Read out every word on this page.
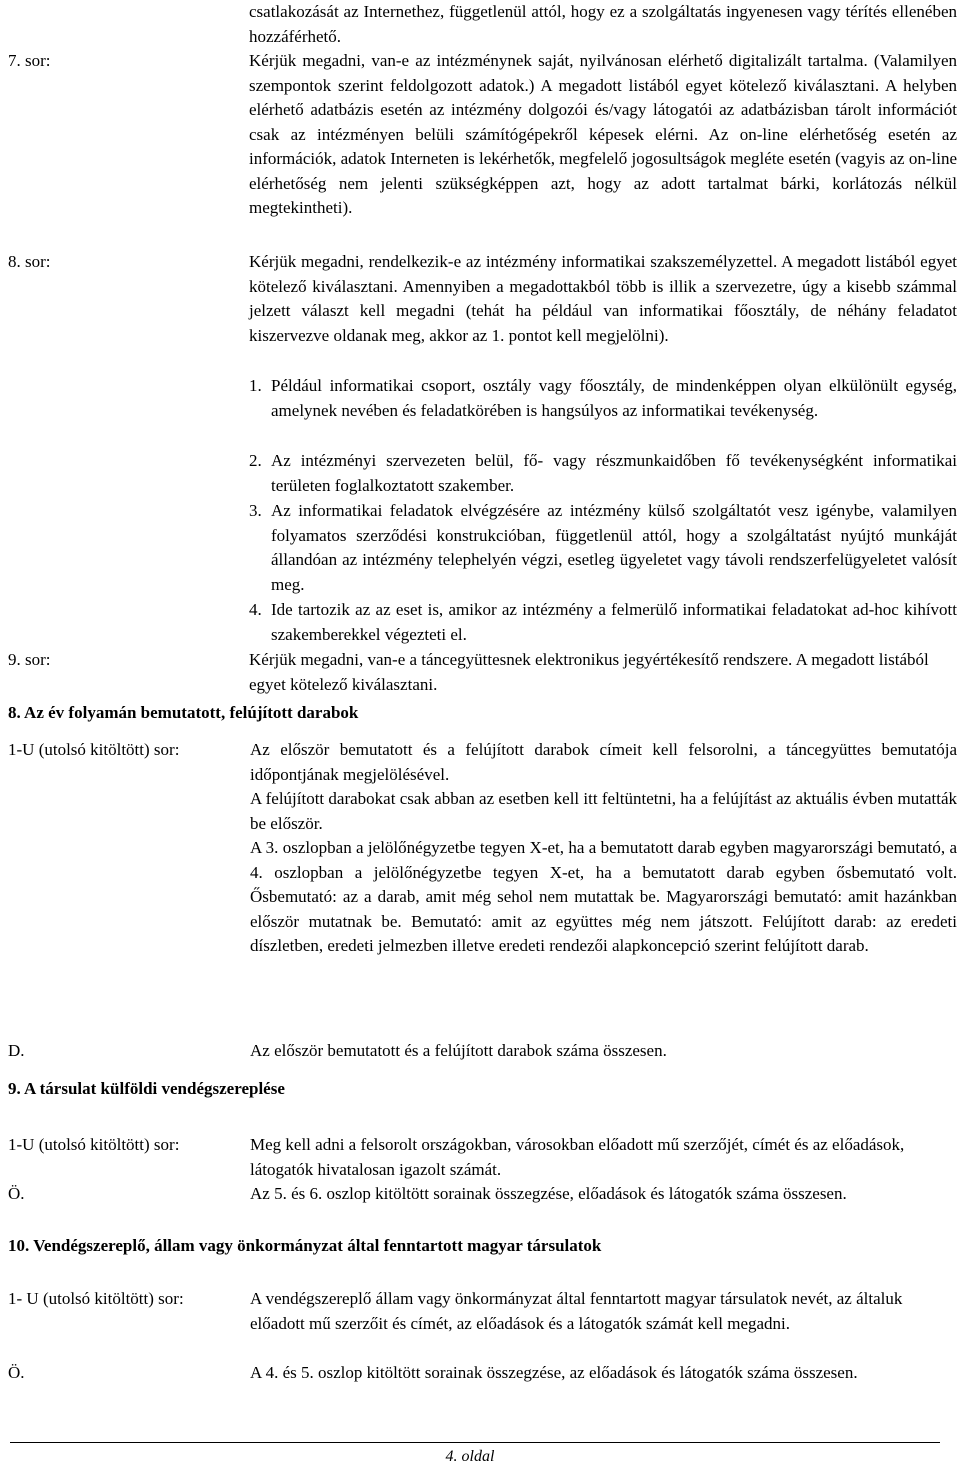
csatlakozását az Internethez, függetlenül attól, hogy ez a szolgáltatás ingyenesen vagy térítés ellenében hozzáférhető.
7. sor:	Kérjük megadni, van-e az intézménynek saját, nyilvánosan elérhető digitalizált tartalma. (Valamilyen szempontok szerint feldolgozott adatok.) A megadott listából egyet kötelező kiválasztani. A helyben elérhető adatbázis esetén az intézmény dolgozói és/vagy látogatói az adatbázisban tárolt információt csak az intézményen belüli számítógépekről képesek elérni. Az on-line elérhetőség esetén az információk, adatok Interneten is lekérhetők, megfelelő jogosultságok megléte esetén (vagyis az on-line elérhetőség nem jelenti szükségképpen azt, hogy az adott tartalmat bárki, korlátozás nélkül megtekintheti).
8. sor:	Kérjük megadni, rendelkezik-e az intézmény informatikai szakszemélyzettel. A megadott listából egyet kötelező kiválasztani. Amennyiben a megadottakból több is illik a szervezetre, úgy a kisebb számmal jelzett választ kell megadni (tehát ha például van informatikai főosztály, de néhány feladatot kiszervezve oldanak meg, akkor az 1. pontot kell megjelölni).
1. Például informatikai csoport, osztály vagy főosztály, de mindenképpen olyan elkülönült egység, amelynek nevében és feladatkörében is hangsúlyos az informatikai tevékenység.
2. Az intézményi szervezeten belül, fő- vagy részmunkaidőben fő tevékenységként informatikai területen foglalkoztatott szakember.
3. Az informatikai feladatok elvégzésére az intézmény külső szolgáltatót vesz igénybe, valamilyen folyamatos szerződési konstrukcióban, függetlenül attól, hogy a szolgáltatást nyújtó munkáját állandóan az intézmény telephelyén végzi, esetleg ügyeletet vagy távoli rendszerfelügyeletet valósít meg.
4. Ide tartozik az az eset is, amikor az intézmény a felmerülő informatikai feladatokat ad-hoc kihívott szakemberekkel végezteti el.
9. sor:	Kérjük megadni, van-e a táncegyüttesnek elektronikus jegyértékesítő rendszere. A megadott listából egyet kötelező kiválasztani.
8. Az év folyamán bemutatott, felújított darabok
1-U (utolsó kitöltött) sor:	Az először bemutatott és a felújított darabok címeit kell felsorolni, a táncegyüttes bemutatója időpontjának megjelölésével.
A felújított darabokat csak abban az esetben kell itt feltüntetni, ha a felújítást az aktuális évben mutatták be először.
A 3. oszlopban a jelölőnégyzetbe tegyen X-et, ha a bemutatott darab egyben magyarországi bemutató, a 4. oszlopban a jelölőnégyzetbe tegyen X-et, ha a bemutatott darab egyben ősbemutató volt. Ősbemutató: az a darab, amit még sehol nem mutattak be. Magyarországi bemutató: amit hazánkban először mutatnak be. Bemutató: amit az együttes még nem játszott. Felújított darab: az eredeti díszletben, eredeti jelmezben illetve eredeti rendezői alapkoncepció szerint felújított darab.
D.	Az először bemutatott és a felújított darabok száma összesen.
9. A társulat külföldi vendégszereplése
1-U (utolsó kitöltött) sor:	Meg kell adni a felsorolt országokban, városokban előadott mű szerzőjét, címét és az előadások, látogatók hivatalosan igazolt számát.
Ö.	Az 5. és 6. oszlop kitöltött sorainak összegzése, előadások és látogatók száma összesen.
10. Vendégszereplő, állam vagy önkormányzat által fenntartott magyar társulatok
1- U (utolsó kitöltött) sor:	A vendégszereplő állam vagy önkormányzat által fenntartott magyar társulatok nevét, az általuk előadott mű szerzőit és címét, az előadások és a látogatók számát kell megadni.
Ö.	A 4. és 5. oszlop kitöltött sorainak összegzése, az előadások és látogatók száma összesen.
4. oldal
